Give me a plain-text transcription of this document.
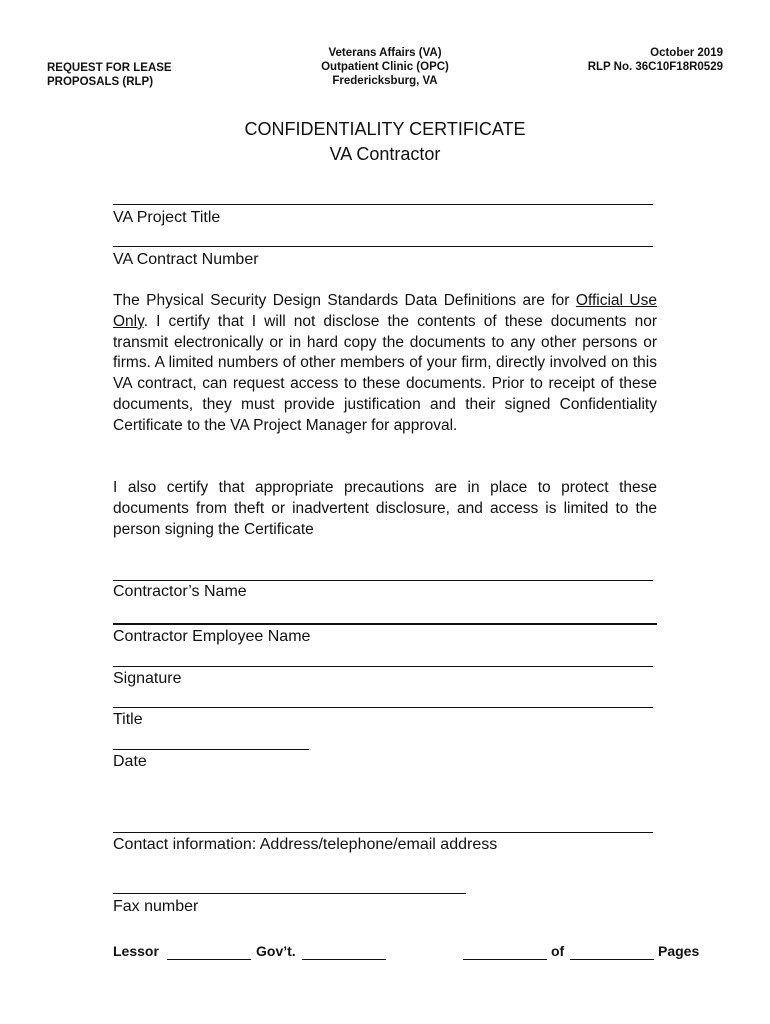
REQUEST FOR LEASE
PROPOSALS (RLP)
Veterans Affairs (VA)
Outpatient Clinic (OPC)
Fredericksburg, VA
October 2019
RLP No. 36C10F18R0529
CONFIDENTIALITY CERTIFICATE
VA Contractor
VA Project Title
VA Contract Number
The Physical Security Design Standards Data Definitions are for Official Use Only. I certify that I will not disclose the contents of these documents nor transmit electronically or in hard copy the documents to any other persons or firms. A limited numbers of other members of your firm, directly involved on this VA contract, can request access to these documents. Prior to receipt of these documents, they must provide justification and their signed Confidentiality Certificate to the VA Project Manager for approval.
I also certify that appropriate precautions are in place to protect these documents from theft or inadvertent disclosure, and access is limited to the person signing the Certificate
Contractor’s Name
Contractor Employee Name
Signature
Title
Date
Contact information: Address/telephone/email address
Fax number
Lessor	Gov’t.	of	Pages
